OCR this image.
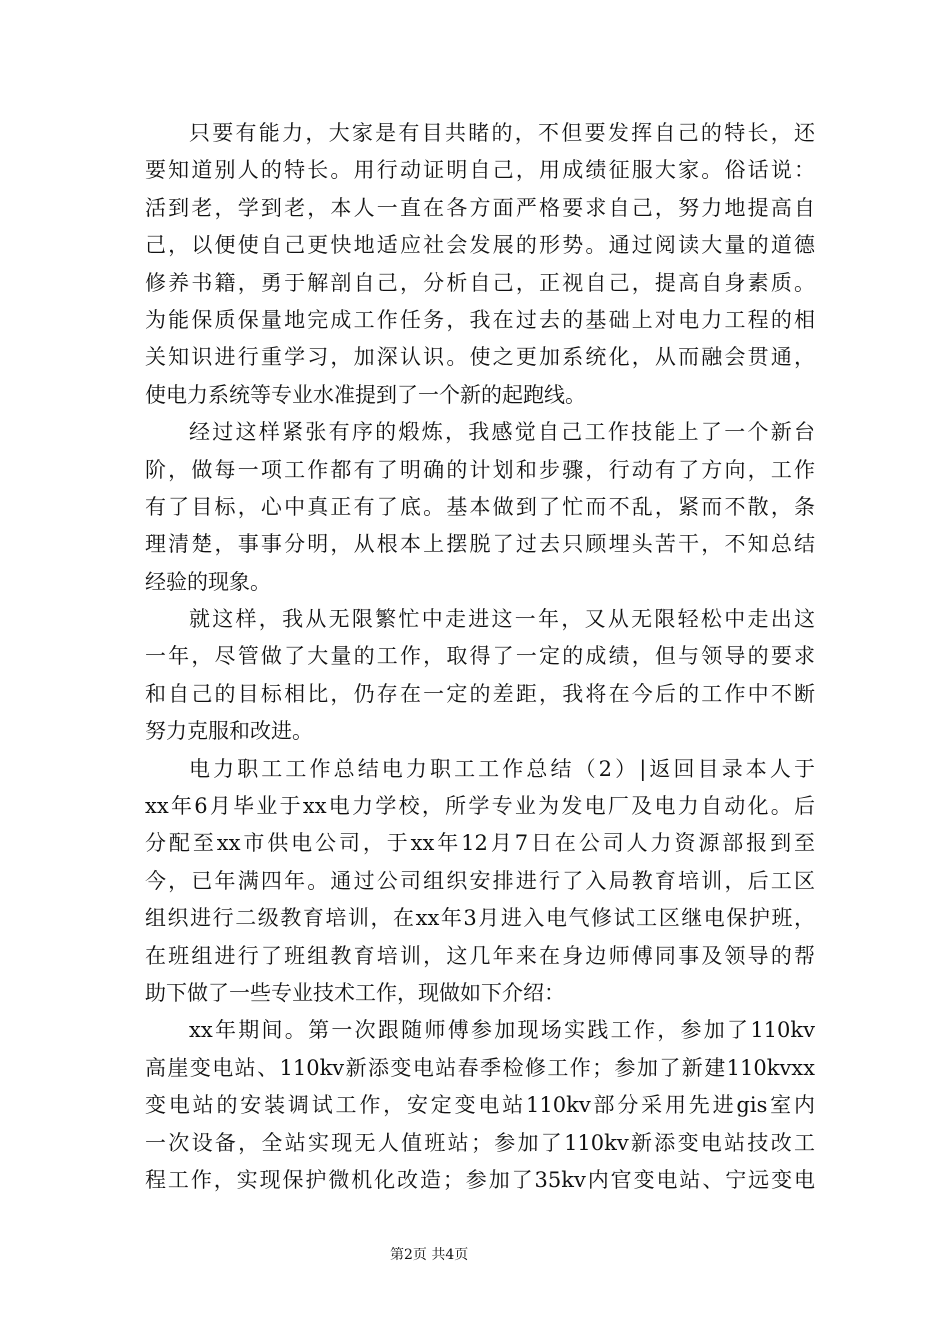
只要有能力，大家是有目共睹的，不但要发挥自己的特长，还
要知道别人的特长。用行动证明自己，用成绩征服大家。俗话说：
活到老，学到老，本人一直在各方面严格要求自己，努力地提高自
己，以便使自己更快地适应社会发展的形势。通过阅读大量的道德
修养书籍，勇于解剖自己，分析自己，正视自己，提高自身素质。
为能保质保量地完成工作任务，我在过去的基础上对电力工程的相
关知识进行重学习，加深认识。使之更加系统化，从而融会贯通，
使电力系统等专业水准提到了一个新的起跑线。
经过这样紧张有序的煅炼，我感觉自己工作技能上了一个新台
阶，做每一项工作都有了明确的计划和步骤，行动有了方向，工作
有了目标，心中真正有了底。基本做到了忙而不乱，紧而不散，条
理清楚，事事分明，从根本上摆脱了过去只顾埋头苦干，不知总结
经验的现象。
就这样，我从无限繁忙中走进这一年，又从无限轻松中走出这
一年，尽管做了大量的工作，取得了一定的成绩，但与领导的要求
和自己的目标相比，仍存在一定的差距，我将在今后的工作中不断
努力克服和改进。
电力职工工作总结电力职工工作总结（2）|返回目录本人于
xx年6月毕业于xx电力学校，所学专业为发电厂及电力自动化。后
分配至xx市供电公司，于xx年12月7日在公司人力资源部报到至
今，已年满四年。通过公司组织安排进行了入局教育培训，后工区
组织进行二级教育培训，在xx年3月进入电气修试工区继电保护班，
在班组进行了班组教育培训，这几年来在身边师傅同事及领导的帮
助下做了一些专业技术工作，现做如下介绍：
xx年期间。第一次跟随师傅参加现场实践工作，参加了110kv
高崖变电站、110kv新添变电站春季检修工作；参加了新建110kvxx
变电站的安装调试工作，安定变电站110kv部分采用先进gis室内
一次设备，全站实现无人值班站；参加了110kv新添变电站技改工
程工作，实现保护微机化改造；参加了35kv内官变电站、宁远变电
第2页 共4页
